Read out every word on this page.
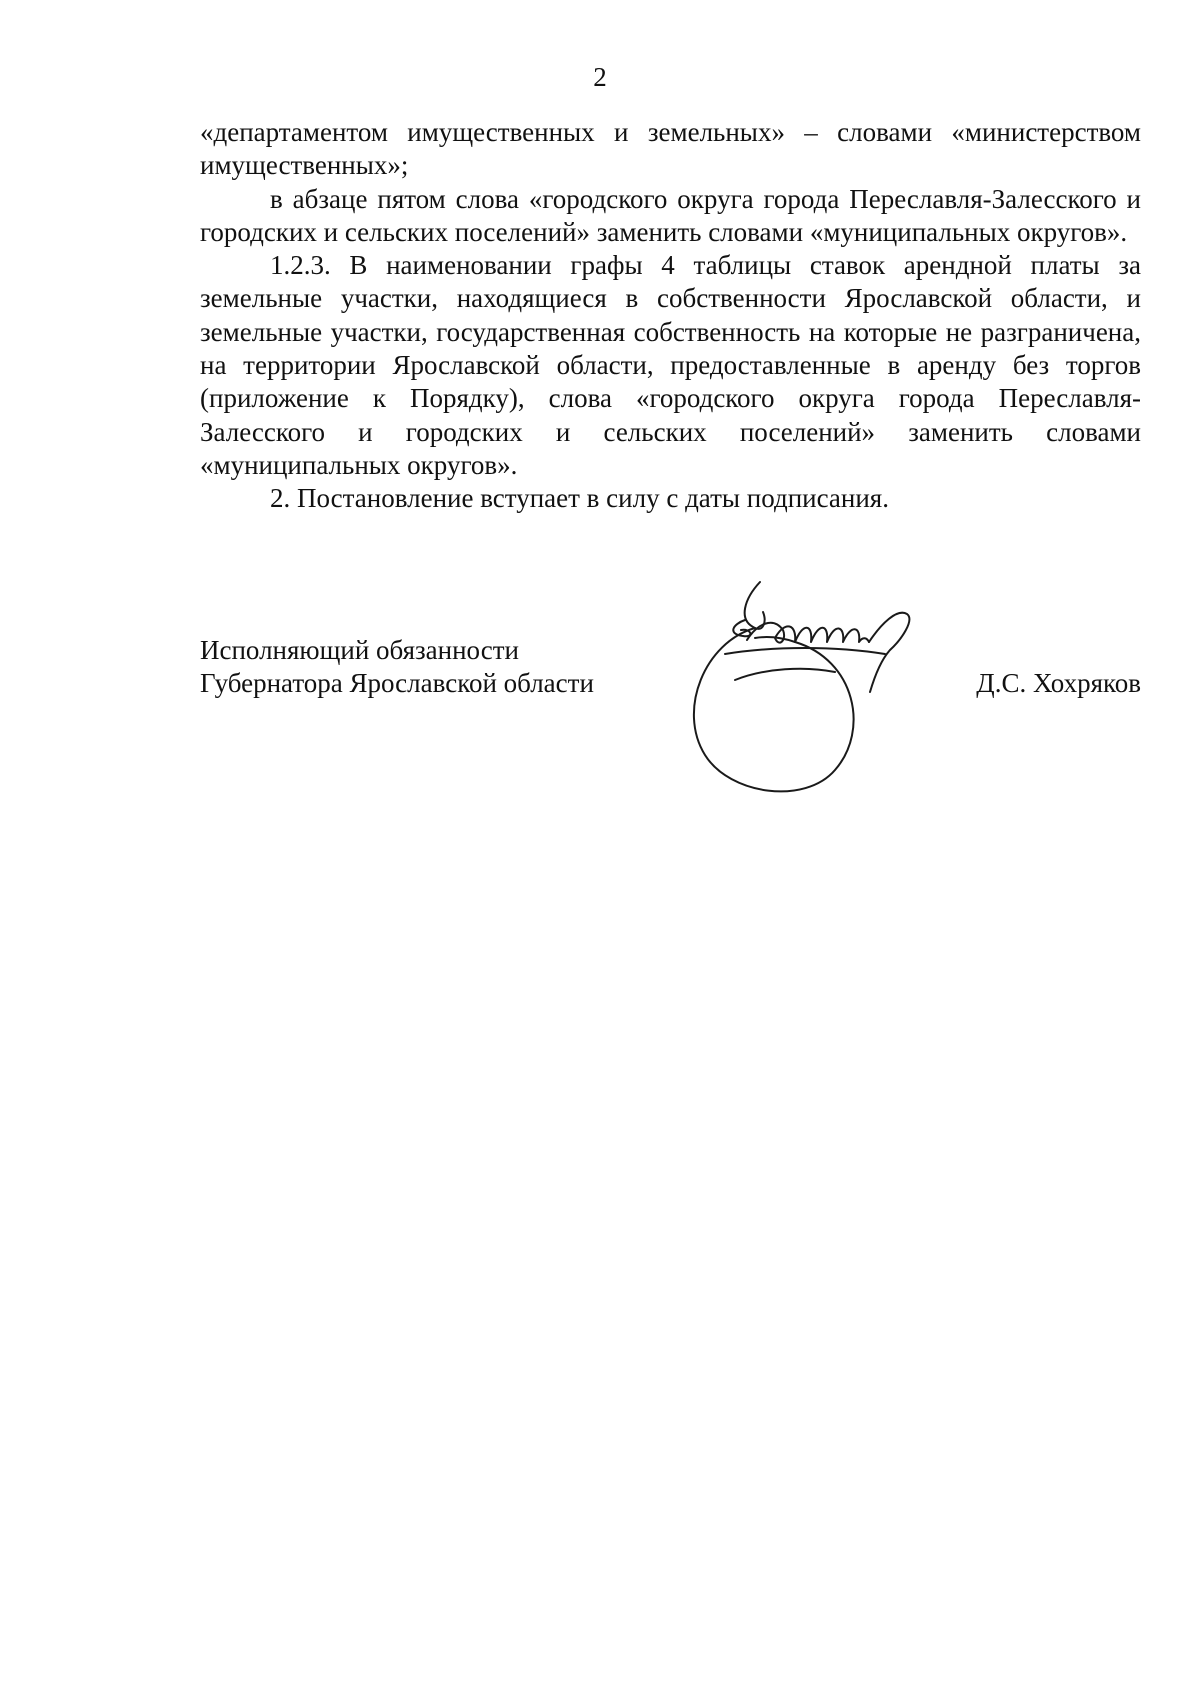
2

«департаментом имущественных и земельных» – словами «министерством имущественных»;

в абзаце пятом слова «городского округа города Переславля-Залесского и городских и сельских поселений» заменить словами «муниципальных округов».

1.2.3. В наименовании графы 4 таблицы ставок арендной платы за земельные участки, находящиеся в собственности Ярославской области, и земельные участки, государственная собственность на которые не разграничена, на территории Ярославской области, предоставленные в аренду без торгов (приложение к Порядку), слова «городского округа города Переславля-Залесского и городских и сельских поселений» заменить словами «муниципальных округов».

2. Постановление вступает в силу с даты подписания.

Исполняющий обязанности
Губернатора Ярославской области	Д.С. Хохряков
